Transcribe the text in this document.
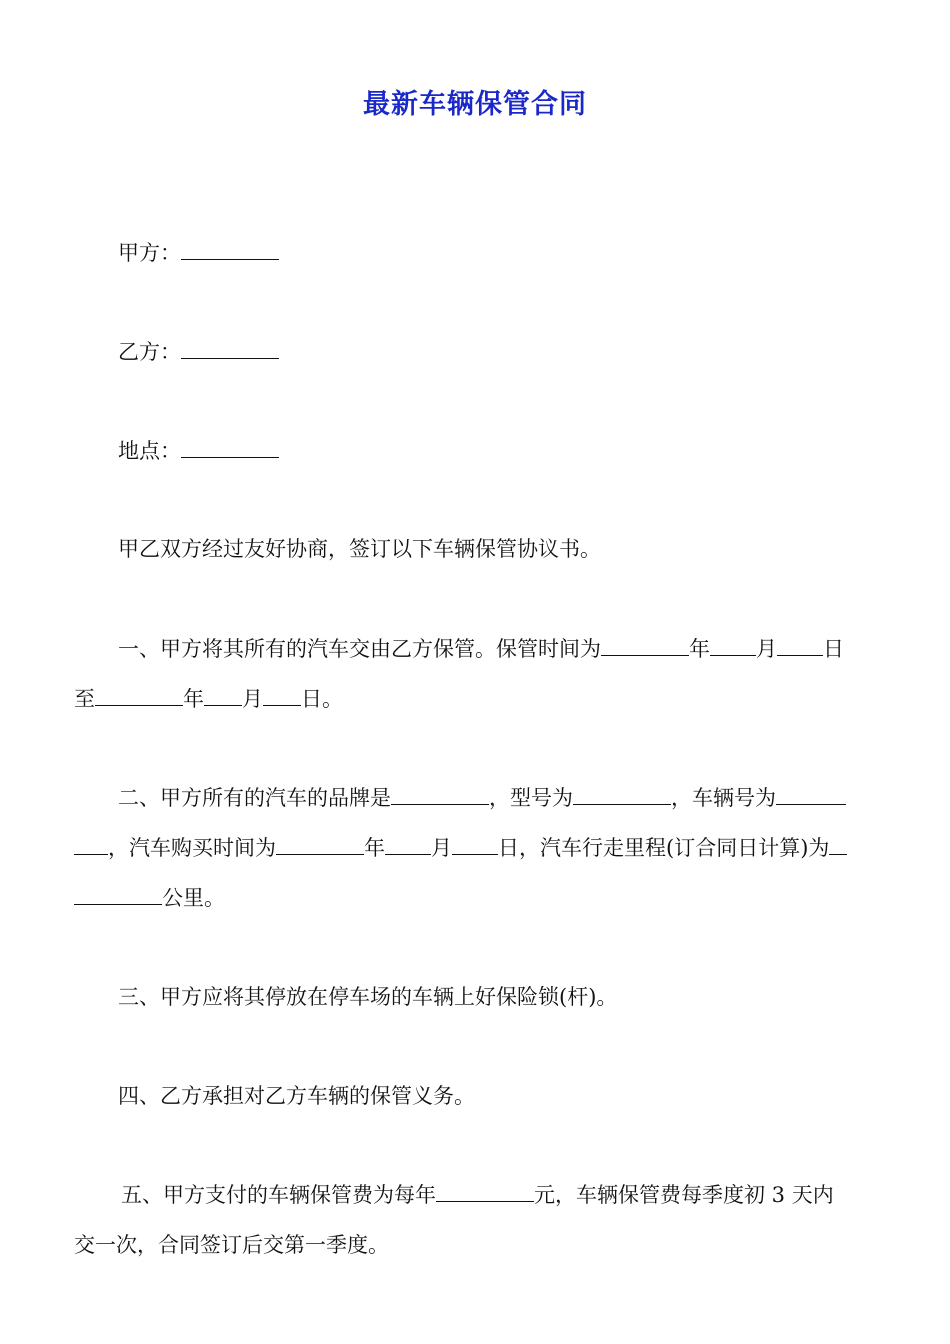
最新车辆保管合同
甲方：
乙方：
地点：
甲乙双方经过友好协商，签订以下车辆保管协议书。
一、甲方将其所有的汽车交由乙方保管。保管时间为	年 月 日
至	年 月 日。
二、甲方所有的汽车的品牌是	，型号为	，车辆号为
，汽车购买时间为	年 月 日，汽车行走里程(订合同日计算)为
公里。
三、甲方应将其停放在停车场的车辆上好保险锁(杆)。
四、乙方承担对乙方车辆的保管义务。
五、甲方支付的车辆保管费为每年	元，车辆保管费每季度初 3 天内
交一次，合同签订后交第一季度。
